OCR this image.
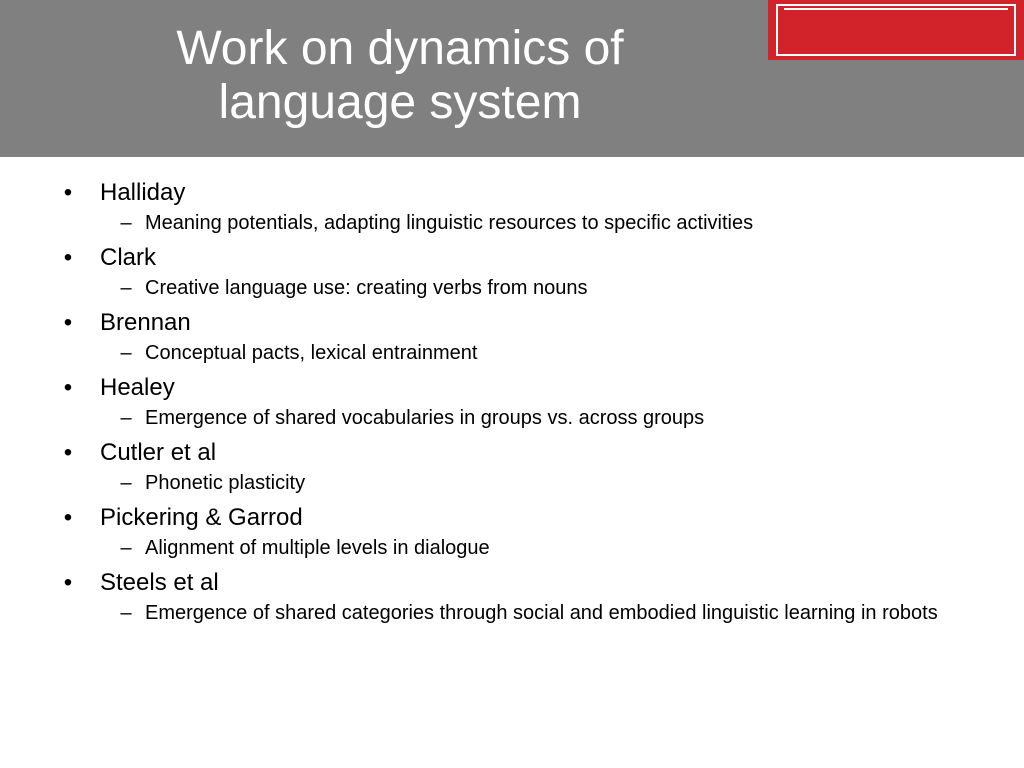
Work on dynamics of
language system
• Halliday
– Meaning potentials, adapting linguistic resources to specific activities
• Clark
– Creative language use: creating verbs from nouns
• Brennan
– Conceptual pacts, lexical entrainment
• Healey
– Emergence of shared vocabularies in groups vs. across groups
• Cutler et al
– Phonetic plasticity
• Pickering & Garrod
– Alignment of multiple levels in dialogue
• Steels et al
– Emergence of shared categories through social and embodied linguistic learning in robots
